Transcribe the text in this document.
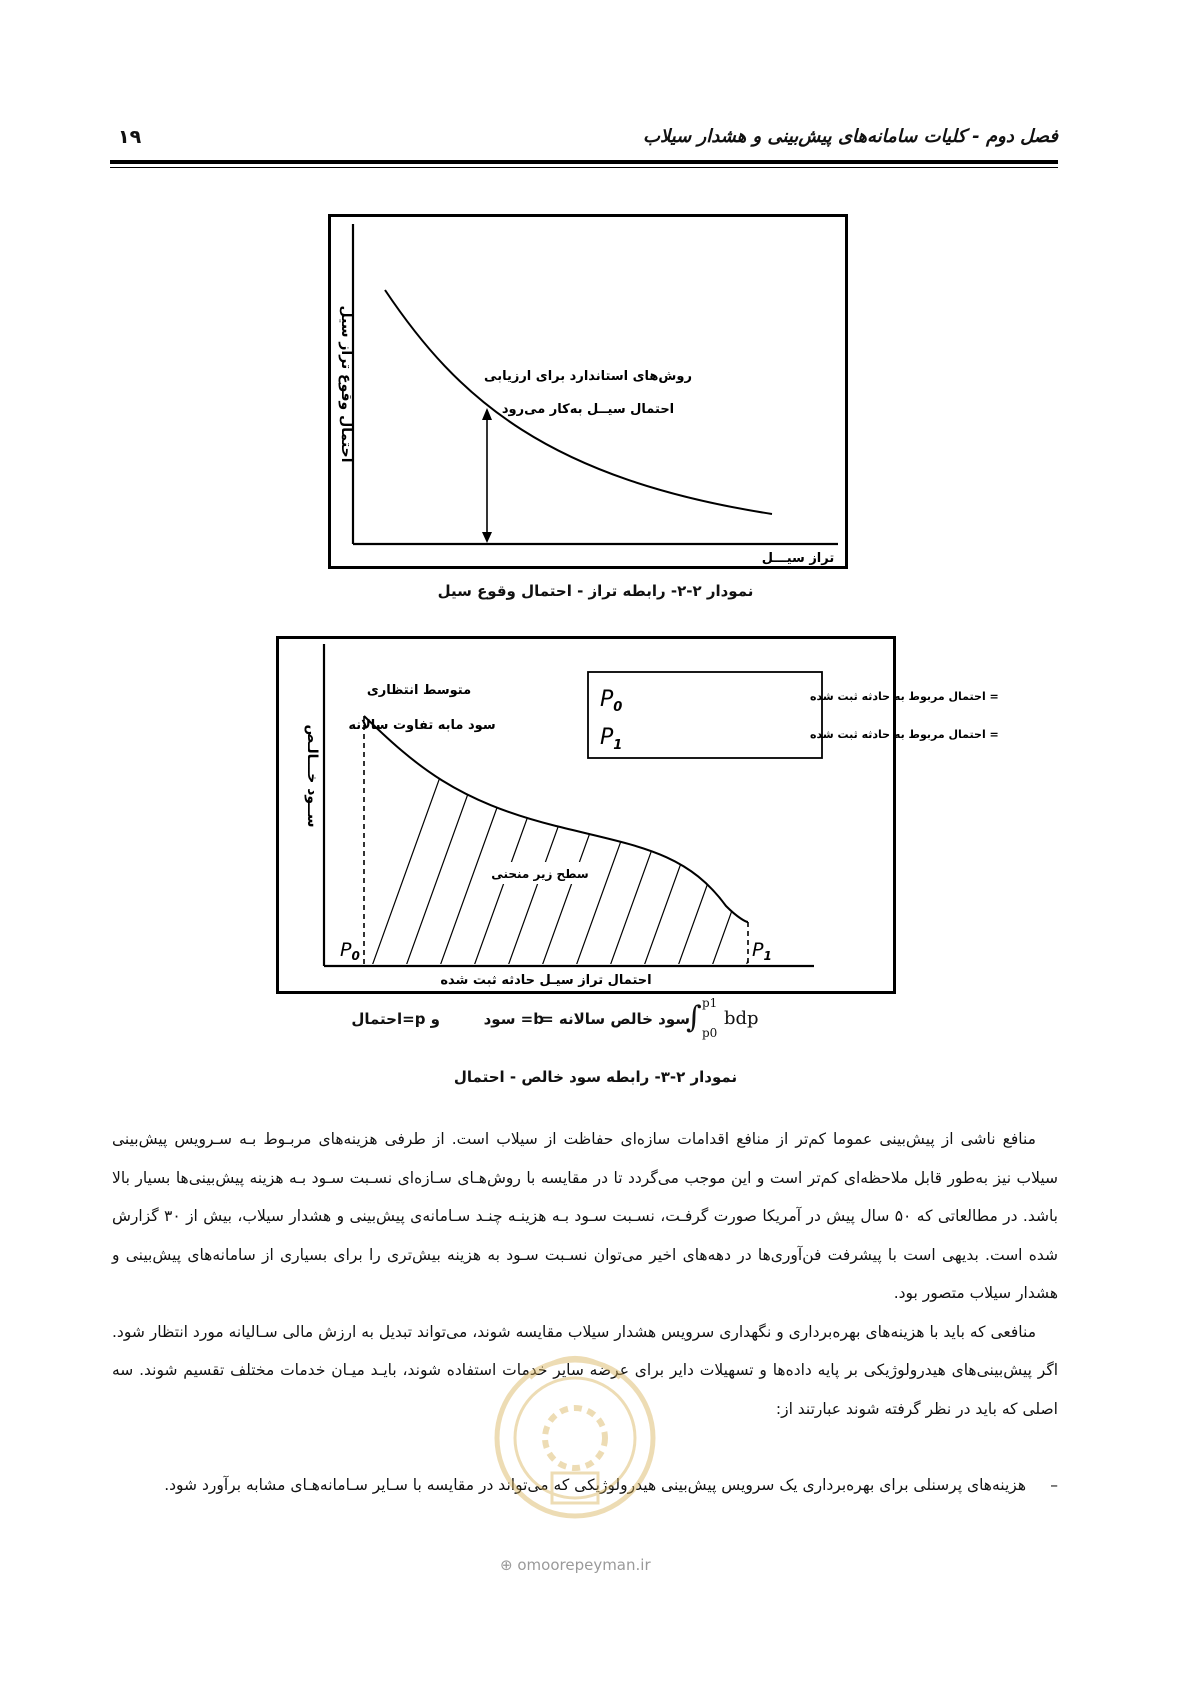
۱۹	فصل دوم - کلیات سامانه‌های پیش‌بینی و هشدار سیلاب
احتمال وقوع تراز سیل
تراز سیـــل
روش‌های استاندارد برای ارزیابی
احتمال سیــل به‌کار می‌رود
نمودار ۲-۲- رابطه تراز - احتمال وقوع سیل
ســود خـــالـص
احتمال تراز سیـل حادثه ثبت شده
متوسط انتظاری
سود مابه تفاوت سالانه
سطح زیر منحنی
$P_0$
= احتمال مربوط به حادثه ثبت شده
$P_1$
= احتمال مربوط به حادثه ثبت شده
$P_0$	$P_1$
∫ p1
p0
bdp
سود خالص سالانه =
b= سود
و p=احتمال
نمودار ۲-۳- رابطه سود خالص - احتمال

منافع ناشی از پیش‌بینی عموما کم‌تر از منافع اقدامات سازه‌ای حفاظت از سیلاب است. از طرفی هزینه‌های مربـوط بـه سـرویس پیش‌بینی سیلاب نیز به‌طور قابل ملاحظه‌ای کم‌تر است و این موجب می‌گردد تا در مقایسه با روش‌هـای سـازه‌ای نسـبت سـود بـه هزینه پیش‌بینی‌ها بسیار بالا باشد. در مطالعاتی که ۵۰ سال پیش در آمریکا صورت گرفـت، نسـبت سـود بـه هزینـه چنـد سـامانه‌ی پیش‌بینی و هشدار سیلاب، بیش از ۳۰ گزارش شده است. بدیهی است با پیشرفت فن‌آوری‌ها در دهه‌های اخیر می‌توان نسـبت سـود به هزینه بیش‌تری را برای بسیاری از سامانه‌های پیش‌بینی و هشدار سیلاب متصور بود.

منافعی که باید با هزینه‌های بهره‌برداری و نگهداری سرویس هشدار سیلاب مقایسه شوند، می‌تواند تبدیل به ارزش مالی سـالیانه مورد انتظار شود. اگر پیش‌بینی‌های هیدرولوژیکی بر پایه داده‌ها و تسهیلات دایر برای عرضه سایر خدمات استفاده شوند، بایـد میـان خدمات مختلف تقسیم شوند. سه اصلی که باید در نظر گرفته شوند عبارتند از:

–
هزینه‌های پرسنلی برای بهره‌برداری یک سرویس پیش‌بینی هیدرولوژیکی که می‌تواند در مقایسه با سـایر سـامانه‌هـای مشابه برآورد شود.
⊕ omoorepeyman.ir
